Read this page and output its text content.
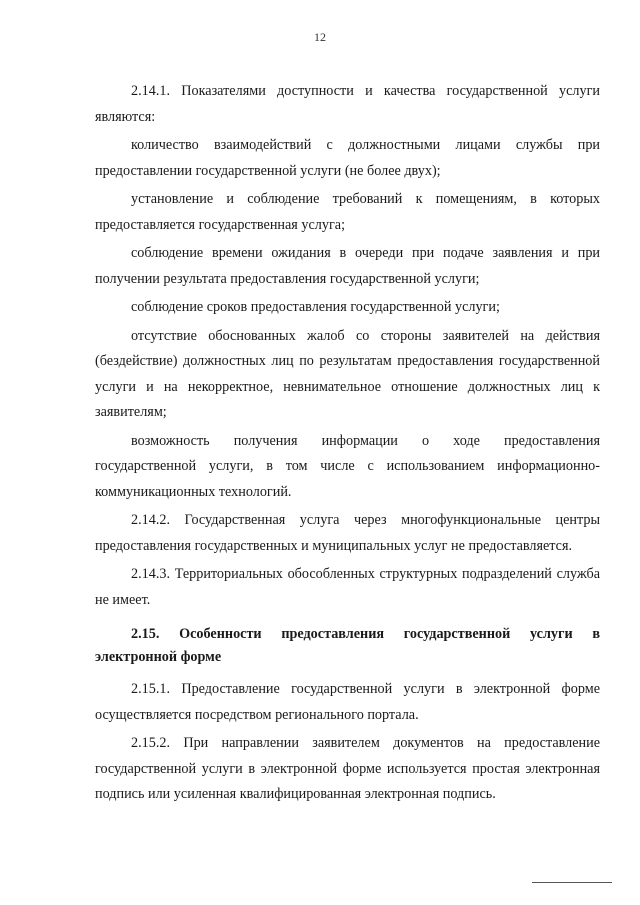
12

2.14.1. Показателями доступности и качества государственной услуги являются:

количество взаимодействий с должностными лицами службы при предоставлении государственной услуги (не более двух);

установление и соблюдение требований к помещениям, в которых предоставляется государственная услуга;

соблюдение времени ожидания в очереди при подаче заявления и при получении результата предоставления государственной услуги;

соблюдение сроков предоставления государственной услуги;

отсутствие обоснованных жалоб со стороны заявителей на действия (бездействие) должностных лиц по результатам предоставления государственной услуги и на некорректное, невнимательное отношение должностных лиц к заявителям;

возможность получения информации о ходе предоставления государственной услуги, в том числе с использованием информационно-коммуникационных технологий.

2.14.2. Государственная услуга через многофункциональные центры предоставления государственных и муниципальных услуг не предоставляется.

2.14.3. Территориальных обособленных структурных подразделений служба не имеет.

2.15. Особенности предоставления государственной услуги в электронной форме

2.15.1. Предоставление государственной услуги в электронной форме осуществляется посредством регионального портала.

2.15.2. При направлении заявителем документов на предоставление государственной услуги в электронной форме используется простая электронная подпись или усиленная квалифицированная электронная подпись.
